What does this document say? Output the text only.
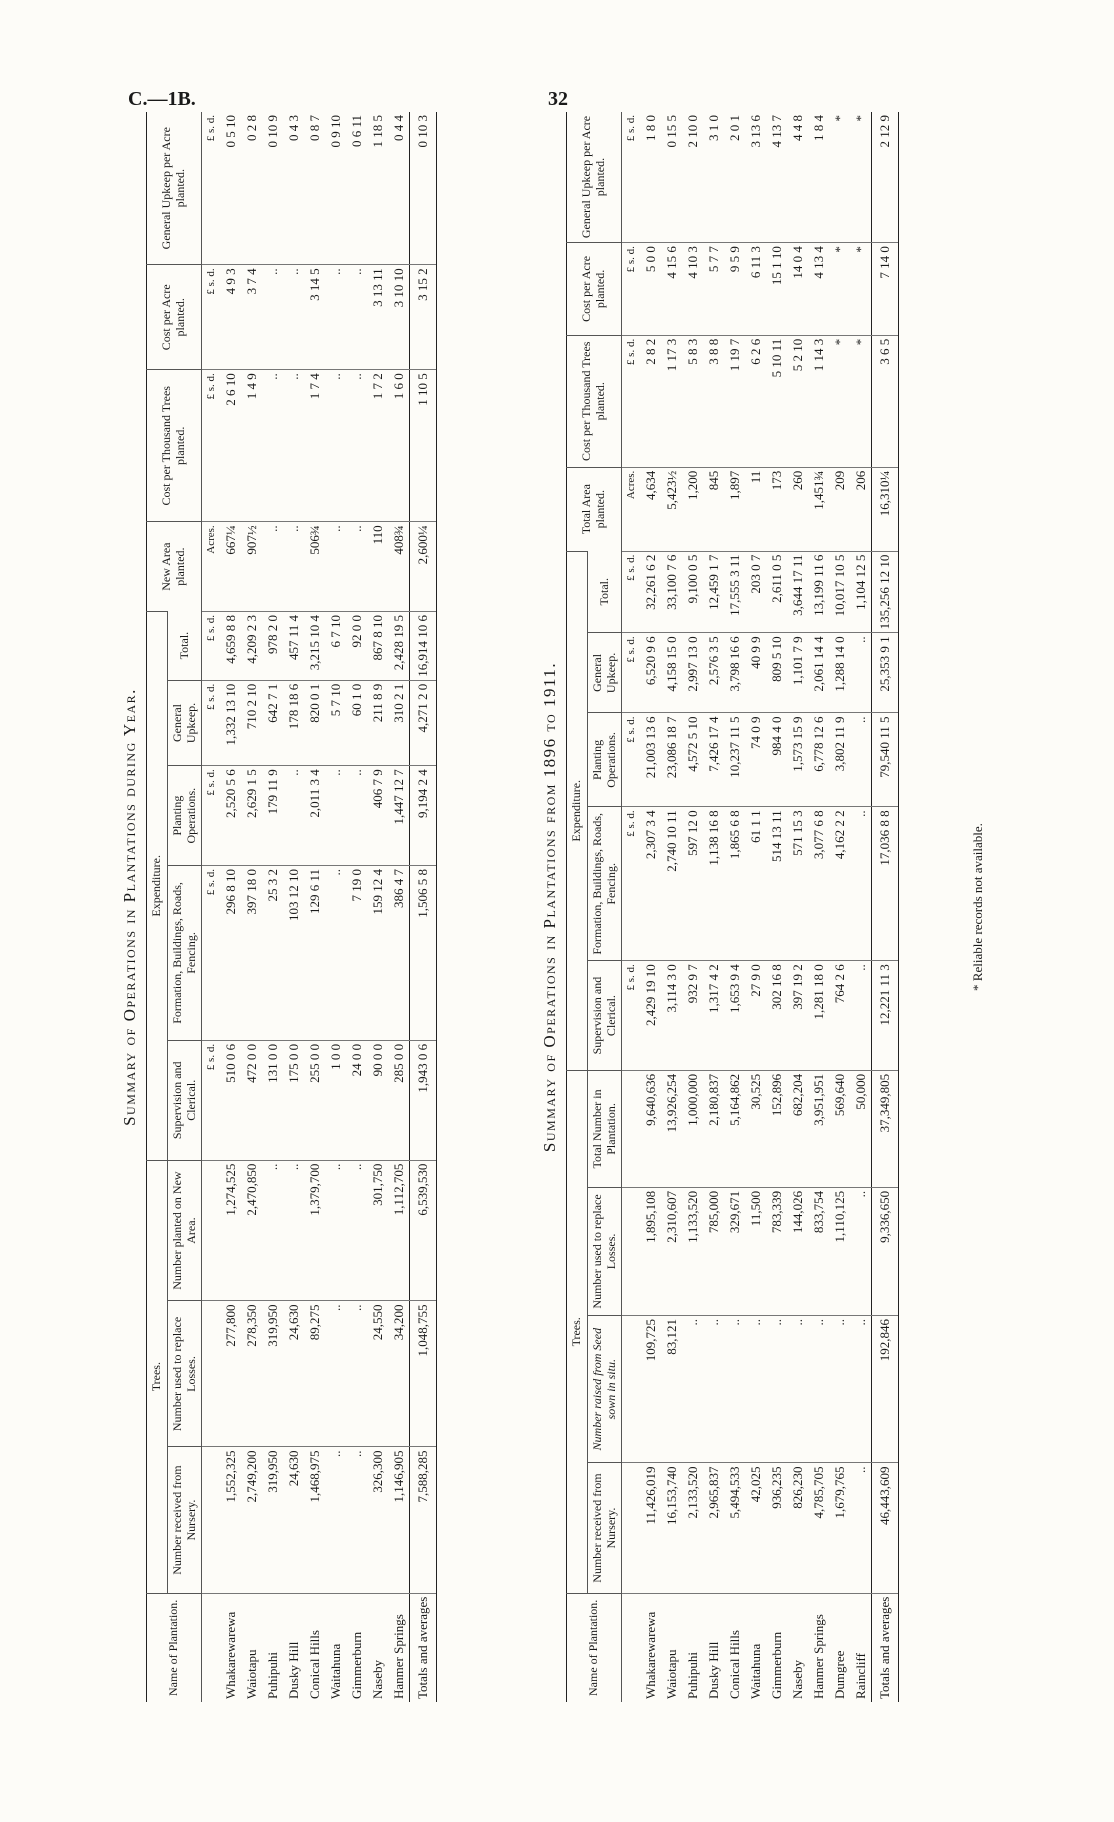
C.—1B.	32
Summary of Operations in Plantations during Year.
Name of Plantation.	Trees.			Expenditure.					New Area planted.	Cost per Thousand Trees planted.	Cost per Acre planted.	General Upkeep per Acre planted.
	Number received from Nursery.	Number used to replace Losses.	Number planted on New Area.	Supervision and Clerical.	Formation, Buildings, Roads, Fencing.	Planting Operations.	General Upkeep.	Total.				
				£ s. d.	£ s. d.	£ s. d.	£ s. d.	£ s. d.	Acres.	£ s. d.	£ s. d.	£ s. d.
Whakarewarewa	1,552,325	277,800	1,274,525	510 0 6	296 8 10	2,520 5 6	1,332 13 10	4,659 8 8	667¼	2 6 10	4 9 3	0 5 10
Waiotapu	2,749,200	278,350	2,470,850	472 0 0	397 18 0	2,629 1 5	710 2 10	4,209 2 3	907½	1 4 9	3 7 4	0 2 8
Puhipuhi	319,950	319,950	..	131 0 0	25 3 2	179 11 9	642 7 1	978 2 0	..	..	..	0 10 9
Dusky Hill	24,630	24,630	..	175 0 0	103 12 10	..	178 18 6	457 11 4	..	..	..	0 4 3
Conical Hills	1,468,975	89,275	1,379,700	255 0 0	129 6 11	2,011 3 4	820 0 1	3,215 10 4	506¾	1 7 4	3 14 5	0 8 7
Waitahuna	..	..	..	1 0 0	..	..	5 7 10	6 7 10	..	..	..	0 9 10
Gimmerburn	..	..	..	24 0 0	7 19 0	..	60 1 0	92 0 0	..	..	..	0 6 11
Naseby	326,300	24,550	301,750	90 0 0	159 12 4	406 7 9	211 8 9	867 8 10	110	1 7 2	3 13 11	1 18 5
Hanmer Springs	1,146,905	34,200	1,112,705	285 0 0	386 4 7	1,447 12 7	310 2 1	2,428 19 5	408¾	1 6 0	3 10 10	0 4 4
Totals and averages	7,588,285	1,048,755	6,539,530	1,943 0 6	1,506 5 8	9,194 2 4	4,271 2 0	16,914 10 6	2,600¼	1 10 5	3 15 2	0 10 3
Summary of Operations in Plantations from 1896 to 1911.
Name of Plantation.	Trees.				Expenditure.					Total Area planted.	Cost per Thousand Trees planted.	Cost per Acre planted.	General Upkeep per Acre planted.
	Number received from Nursery.	Number raised from Seed sown in situ.	Number used to replace Losses.	Total Number in Plantation.	Supervision and Clerical.	Formation, Buildings, Roads, Fencing.	Planting Operations.	General Upkeep.	Total.				
					£ s. d.	£ s. d.	£ s. d.	£ s. d.	£ s. d.	Acres.	£ s. d.	£ s. d.	£ s. d.
Whakarewarewa	11,426,019	109,725	1,895,108	9,640,636	2,429 19 10	2,307 3 4	21,003 13 6	6,520 9 6	32,261 6 2	4,634	2 8 2	5 0 0	1 8 0
Waiotapu	16,153,740	83,121	2,310,607	13,926,254	3,114 3 0	2,740 10 11	23,086 18 7	4,158 15 0	33,100 7 6	5,423½	1 17 3	4 15 6	0 15 5
Puhipuhi	2,133,520	..	1,133,520	1,000,000	932 9 7	597 12 0	4,572 5 10	2,997 13 0	9,100 0 5	1,200	5 8 3	4 10 3	2 10 0
Dusky Hill	2,965,837	..	785,000	2,180,837	1,317 4 2	1,138 16 8	7,426 17 4	2,576 3 5	12,459 1 7	845	3 8 8	5 7 7	3 1 0
Conical Hills	5,494,533	..	329,671	5,164,862	1,653 9 4	1,865 6 8	10,237 11 5	3,798 16 6	17,555 3 11	1,897	1 19 7	9 5 9	2 0 1
Waitahuna	42,025	..	11,500	30,525	27 9 0	61 1 1	74 0 9	40 9 9	203 0 7	11	6 2 6	6 11 3	3 13 6
Gimmerburn	936,235	..	783,339	152,896	302 16 8	514 13 11	984 4 0	809 5 10	2,611 0 5	173	5 10 11	15 1 10	4 13 7
Naseby	826,230	..	144,026	682,204	397 19 2	571 15 3	1,573 15 9	1,101 7 9	3,644 17 11	260	5 2 10	14 0 4	4 4 8
Hanmer Springs	4,785,705	..	833,754	3,951,951	1,281 18 0	3,077 6 8	6,778 12 6	2,061 14 4	13,199 11 6	1,451¾	1 14 3	4 13 4	1 8 4
Dumgree	1,679,765	..	1,110,125	569,640	764 2 6	4,162 2 2	3,802 11 9	1,288 14 0	10,017 10 5	209	*	*	*
Raincliff	..	..	..	50,000	..	..	..	..	1,104 12 5	206	*	*	*
Totals and averages	46,443,609	192,846	9,336,650	37,349,805	12,221 11 3	17,036 8 8	79,540 11 5	25,353 9 1	135,256 12 10	16,310¼	3 6 5	7 14 0	2 12 9
* Reliable records not available.
